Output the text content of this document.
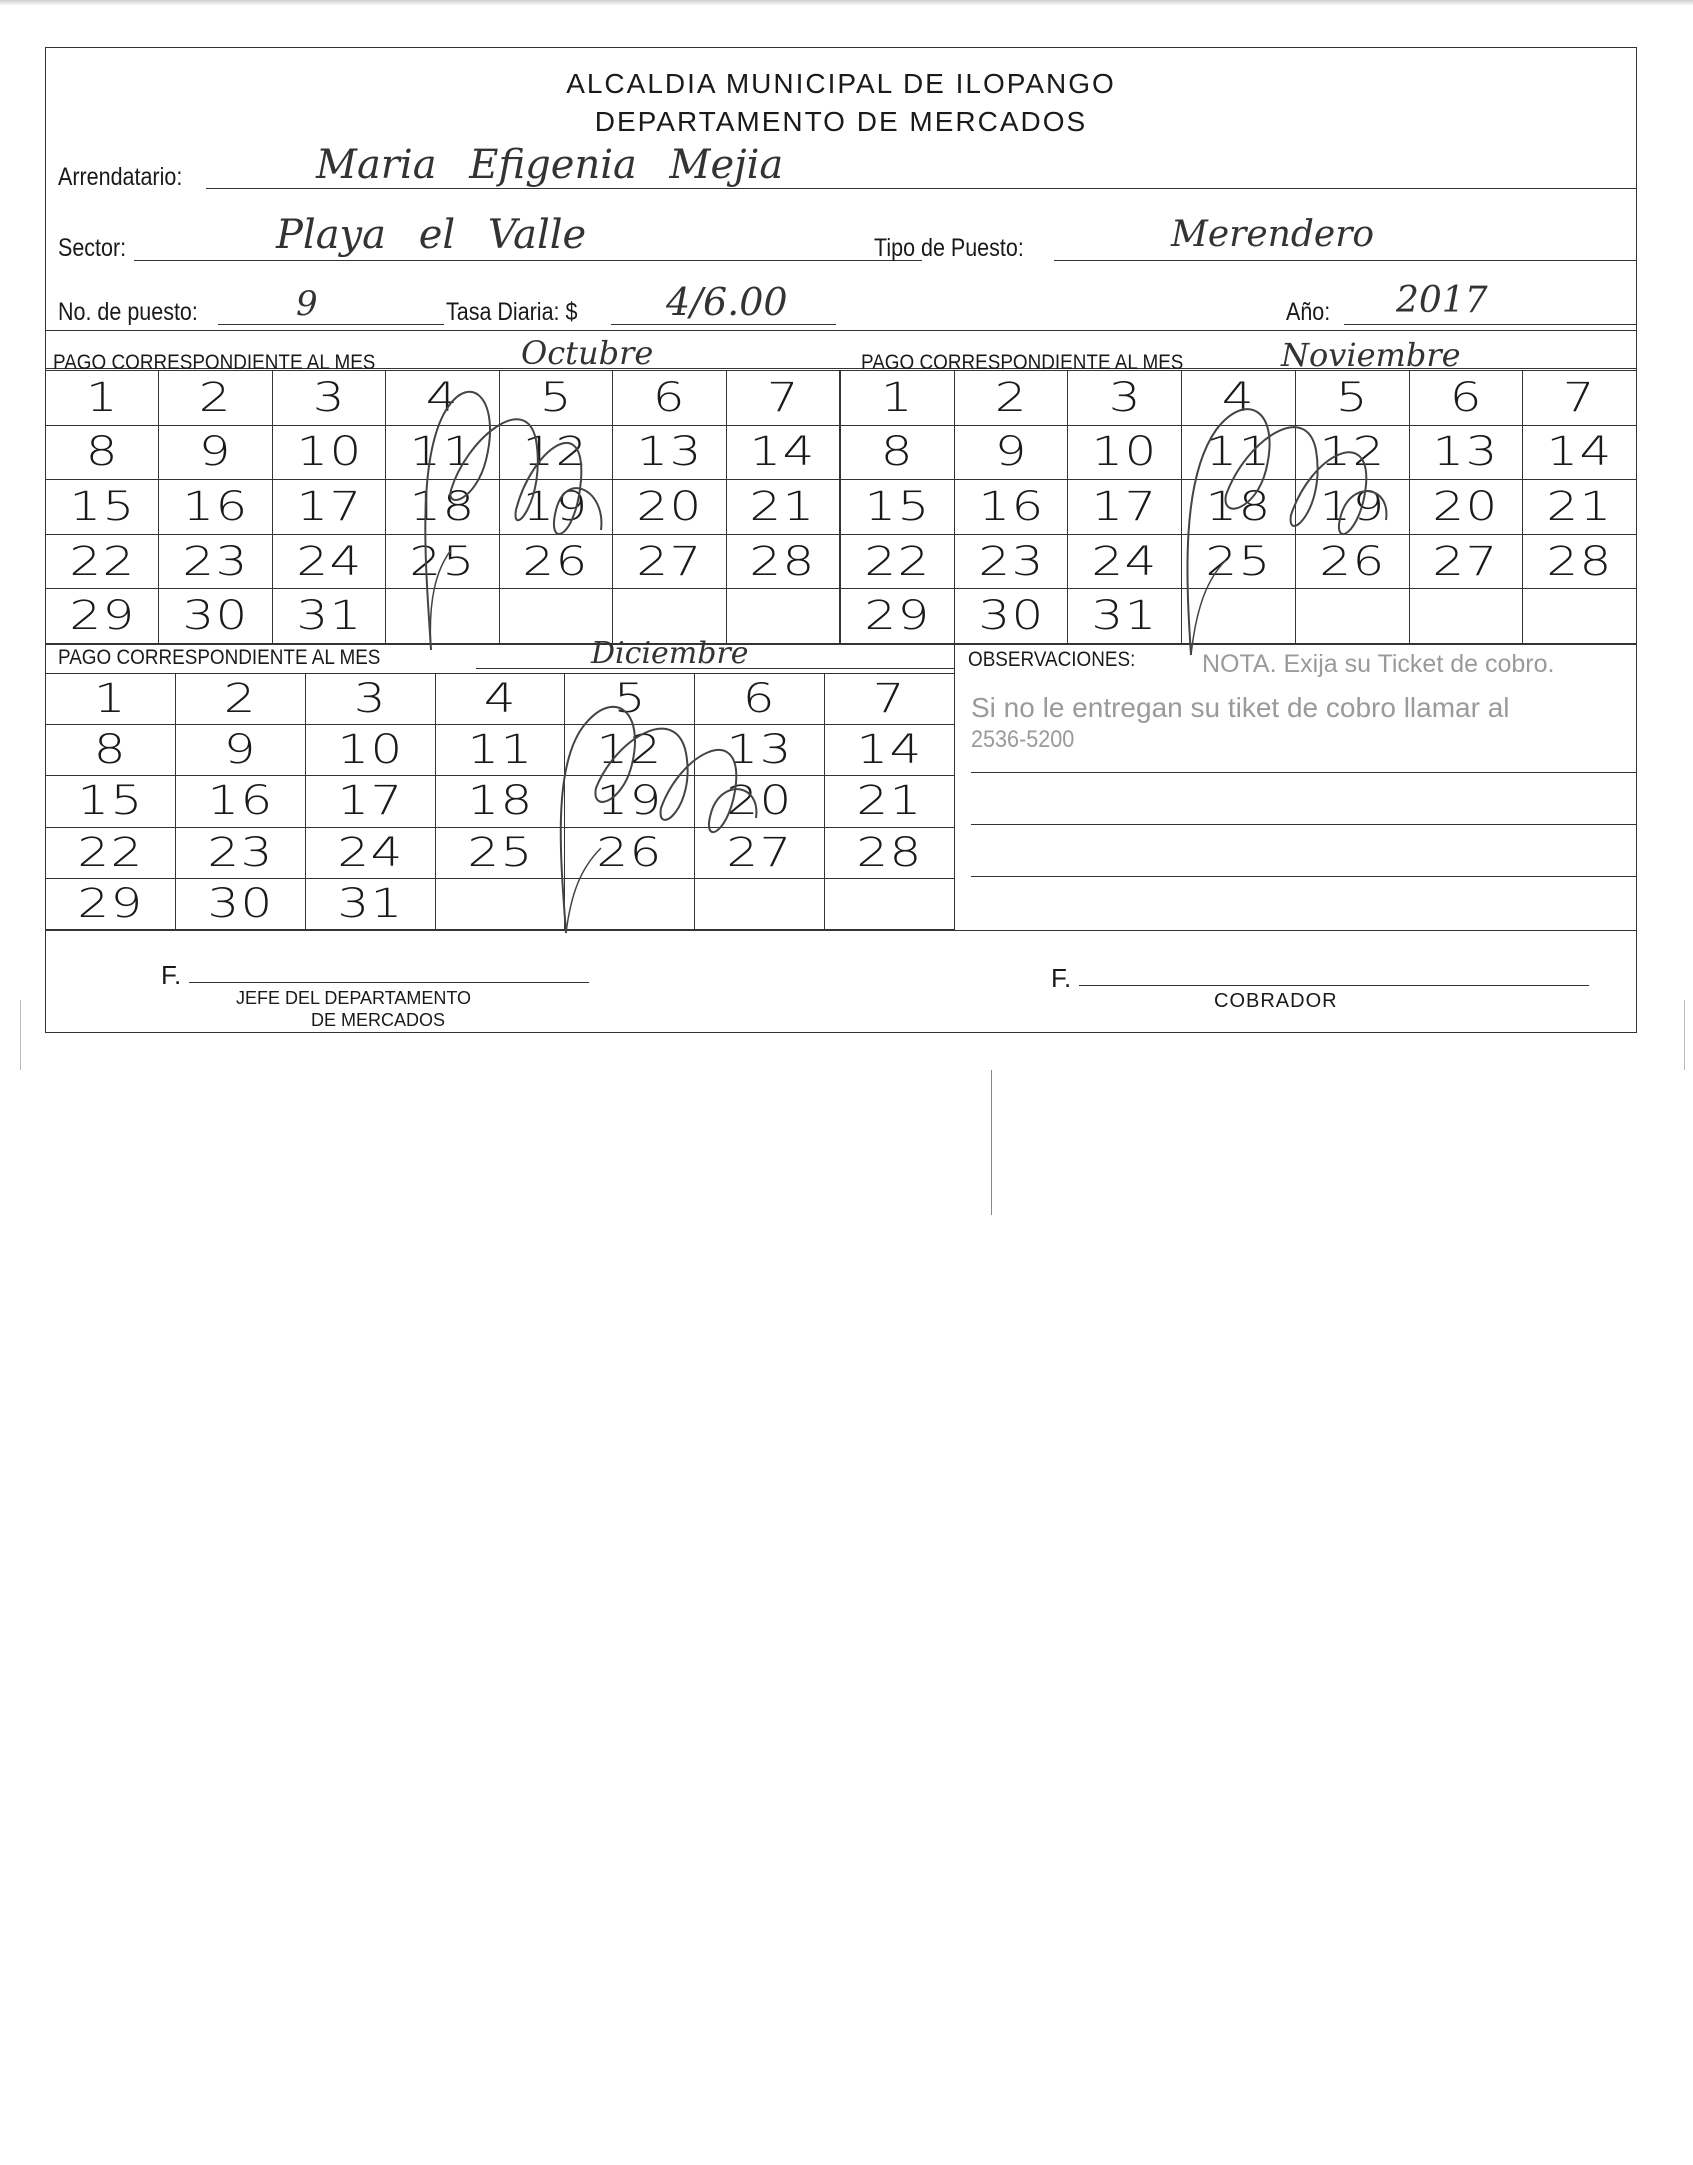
ALCALDIA MUNICIPAL DE ILOPANGO
DEPARTAMENTO DE MERCADOS
Arrendatario:	Maria Efigenia Mejia
Sector:	Playa el Valle	Tipo de Puesto:	Merendero
No. de puesto:	9	Tasa Diaria: $ 4/6.00	Año: 2017
PAGO CORRESPONDIENTE AL MES	Octubre	PAGO CORRESPONDIENTE AL MES	Noviembre
1	2	3	4	5	6	7
8	9	10	11	12	13	14
15	16	17	18	19	20	21
22	23	24	25	26	27	28
29	30	31				
1	2	3	4	5	6	7
8	9	10	11	12	13	14
15	16	17	18	19	20	21
22	23	24	25	26	27	28
29	30	31				
PAGO CORRESPONDIENTE AL MES	Diciembre
1	2	3	4	5	6	7
8	9	10	11	12	13	14
15	16	17	18	19	20	21
22	23	24	25	26	27	28
29	30	31				
OBSERVACIONES:	NOTA. Exija su Ticket de cobro.
Si no le entregan su tiket de cobro llamar al
2536-5200
F.
JEFE DEL DEPARTAMENTO
DE MERCADOS
F.
COBRADOR
